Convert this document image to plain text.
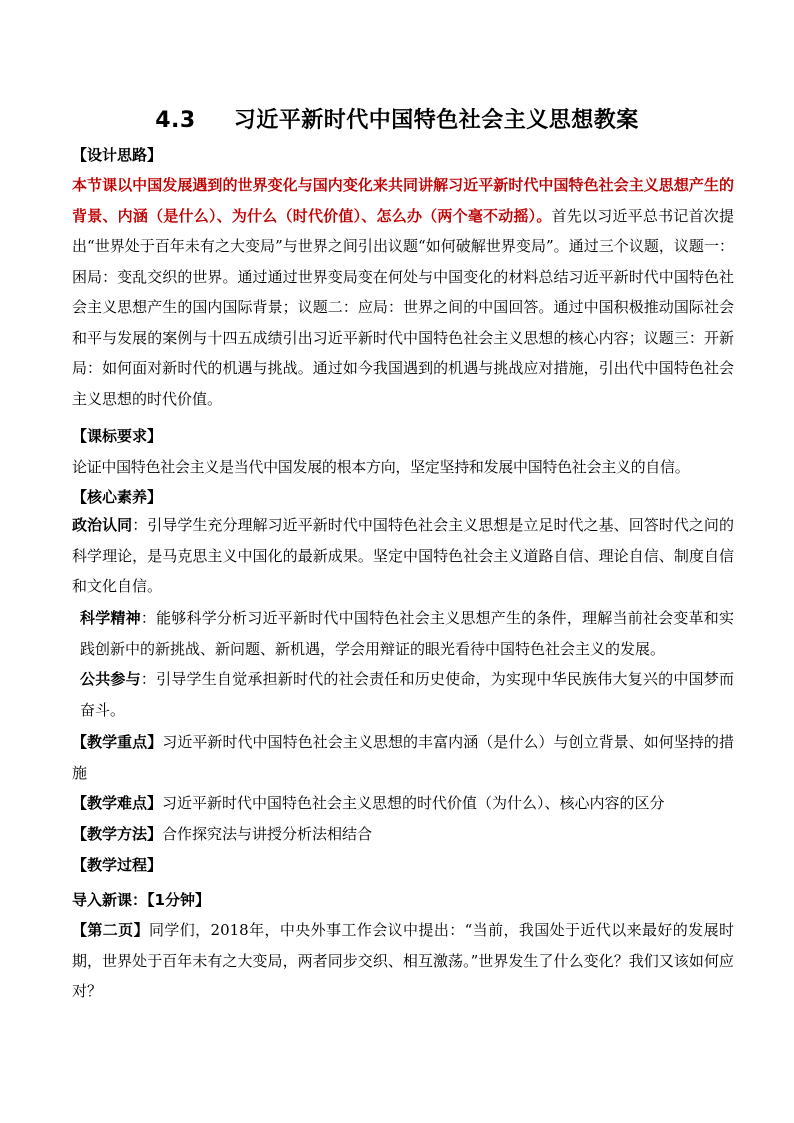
4.3 习近平新时代中国特色社会主义思想教案
【设计思路】
本节课以中国发展遇到的世界变化与国内变化来共同讲解习近平新时代中国特色社会主义思想产生的背景、内涵（是什么）、为什么（时代价值）、怎么办（两个毫不动摇）。首先以习近平总书记首次提出“世界处于百年未有之大变局”与世界之间引出议题“如何破解世界变局”。通过三个议题，议题一：困局：变乱交织的世界。通过通过世界变局变在何处与中国变化的材料总结习近平新时代中国特色社会主义思想产生的国内国际背景；议题二：应局：世界之间的中国回答。通过中国积极推动国际社会和平与发展的案例与十四五成绩引出习近平新时代中国特色社会主义思想的核心内容；议题三：开新局：如何面对新时代的机遇与挑战。通过如今我国遇到的机遇与挑战应对措施，引出代中国特色社会主义思想的时代价值。
【课标要求】
论证中国特色社会主义是当代中国发展的根本方向，坚定坚持和发展中国特色社会主义的自信。
【核心素养】
政治认同：引导学生充分理解习近平新时代中国特色社会主义思想是立足时代之基、回答时代之问的科学理论，是马克思主义中国化的最新成果。坚定中国特色社会主义道路自信、理论自信、制度自信和文化自信。
科学精神：能够科学分析习近平新时代中国特色社会主义思想产生的条件，理解当前社会变革和实践创新中的新挑战、新问题、新机遇，学会用辩证的眼光看待中国特色社会主义的发展。
公共参与：引导学生自觉承担新时代的社会责任和历史使命，为实现中华民族伟大复兴的中国梦而奋斗。
【教学重点】习近平新时代中国特色社会主义思想的丰富内涵（是什么）与创立背景、如何坚持的措施
【教学难点】习近平新时代中国特色社会主义思想的时代价值（为什么）、核心内容的区分
【教学方法】合作探究法与讲授分析法相结合
【教学过程】
导入新课：【1分钟】
【第二页】同学们，2018年，中央外事工作会议中提出：“当前，我国处于近代以来最好的发展时期，世界处于百年未有之大变局，两者同步交织、相互激荡。”世界发生了什么变化？我们又该如何应对？
